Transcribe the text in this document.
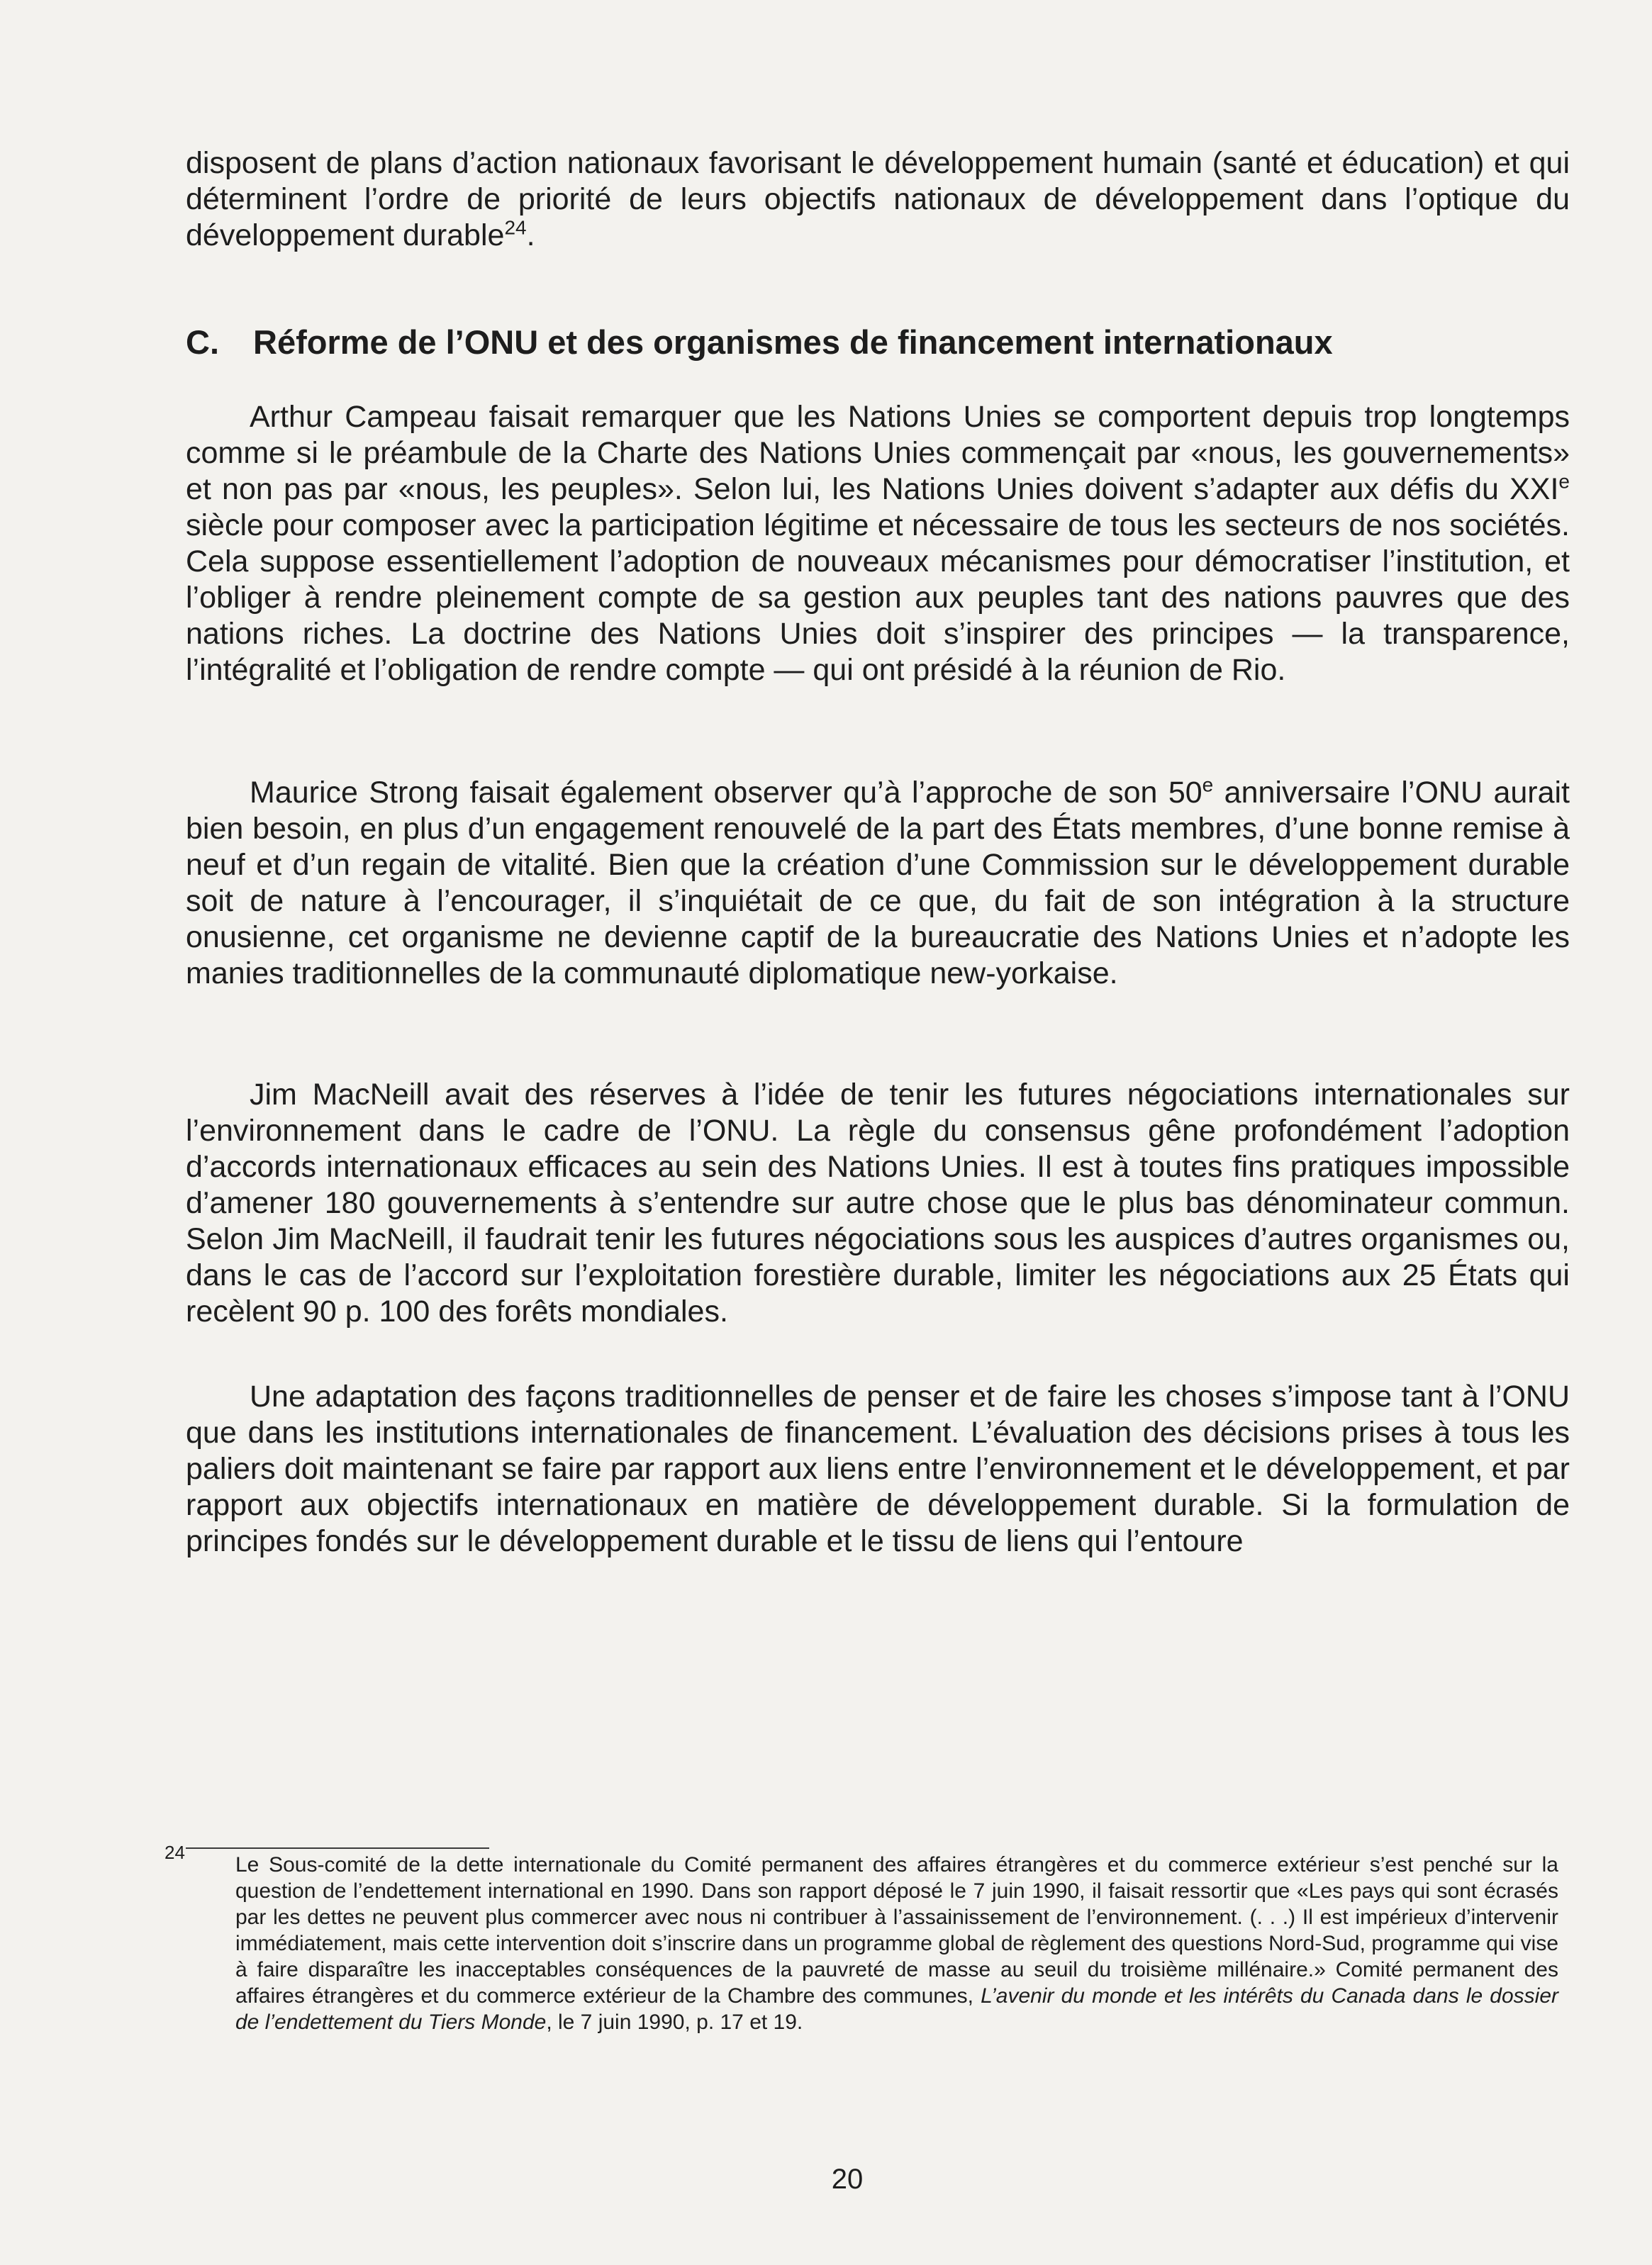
disposent de plans d’action nationaux favorisant le développement humain (santé et éducation) et qui déterminent l’ordre de priorité de leurs objectifs nationaux de développement dans l’optique du développement durable$^{24}$.

C. Réforme de l’ONU et des organismes de financement internationaux

Arthur Campeau faisait remarquer que les Nations Unies se comportent depuis trop longtemps comme si le préambule de la Charte des Nations Unies commençait par «nous, les gouvernements» et non pas par «nous, les peuples». Selon lui, les Nations Unies doivent s’adapter aux défis du XXIe siècle pour composer avec la participation légitime et nécessaire de tous les secteurs de nos sociétés. Cela suppose essentiellement l’adoption de nouveaux mécanismes pour démocratiser l’institution, et l’obliger à rendre pleinement compte de sa gestion aux peuples tant des nations pauvres que des nations riches. La doctrine des Nations Unies doit s’inspirer des principes — la transparence, l’intégralité et l’obligation de rendre compte — qui ont présidé à la réunion de Rio.

Maurice Strong faisait également observer qu’à l’approche de son 50e anniversaire l’ONU aurait bien besoin, en plus d’un engagement renouvelé de la part des États membres, d’une bonne remise à neuf et d’un regain de vitalité. Bien que la création d’une Commission sur le développement durable soit de nature à l’encourager, il s’inquiétait de ce que, du fait de son intégration à la structure onusienne, cet organisme ne devienne captif de la bureaucratie des Nations Unies et n’adopte les manies traditionnelles de la communauté diplomatique new-yorkaise.

Jim MacNeill avait des réserves à l’idée de tenir les futures négociations internationales sur l’environnement dans le cadre de l’ONU. La règle du consensus gêne profondément l’adoption d’accords internationaux efficaces au sein des Nations Unies. Il est à toutes fins pratiques impossible d’amener 180 gouvernements à s’entendre sur autre chose que le plus bas dénominateur commun. Selon Jim MacNeill, il faudrait tenir les futures négociations sous les auspices d’autres organismes ou, dans le cas de l’accord sur l’exploitation forestière durable, limiter les négociations aux 25 États qui recèlent 90 p. 100 des forêts mondiales.

Une adaptation des façons traditionnelles de penser et de faire les choses s’impose tant à l’ONU que dans les institutions internationales de financement. L’évaluation des décisions prises à tous les paliers doit maintenant se faire par rapport aux liens entre l’environnement et le développement, et par rapport aux objectifs internationaux en matière de développement durable. Si la formulation de principes fondés sur le développement durable et le tissu de liens qui l’entoure

24

Le Sous-comité de la dette internationale du Comité permanent des affaires étrangères et du commerce extérieur s’est penché sur la question de l’endettement international en 1990. Dans son rapport déposé le 7 juin 1990, il faisait ressortir que «Les pays qui sont écrasés par les dettes ne peuvent plus commercer avec nous ni contribuer à l’assainissement de l’environnement. (. . .) Il est impérieux d’intervenir immédiatement, mais cette intervention doit s’inscrire dans un programme global de règlement des questions Nord-Sud, programme qui vise à faire disparaître les inacceptables conséquences de la pauvreté de masse au seuil du troisième millénaire.» Comité permanent des affaires étrangères et du commerce extérieur de la Chambre des communes, L’avenir du monde et les intérêts du Canada dans le dossier de l’endettement du Tiers Monde, le 7 juin 1990, p. 17 et 19.

20
